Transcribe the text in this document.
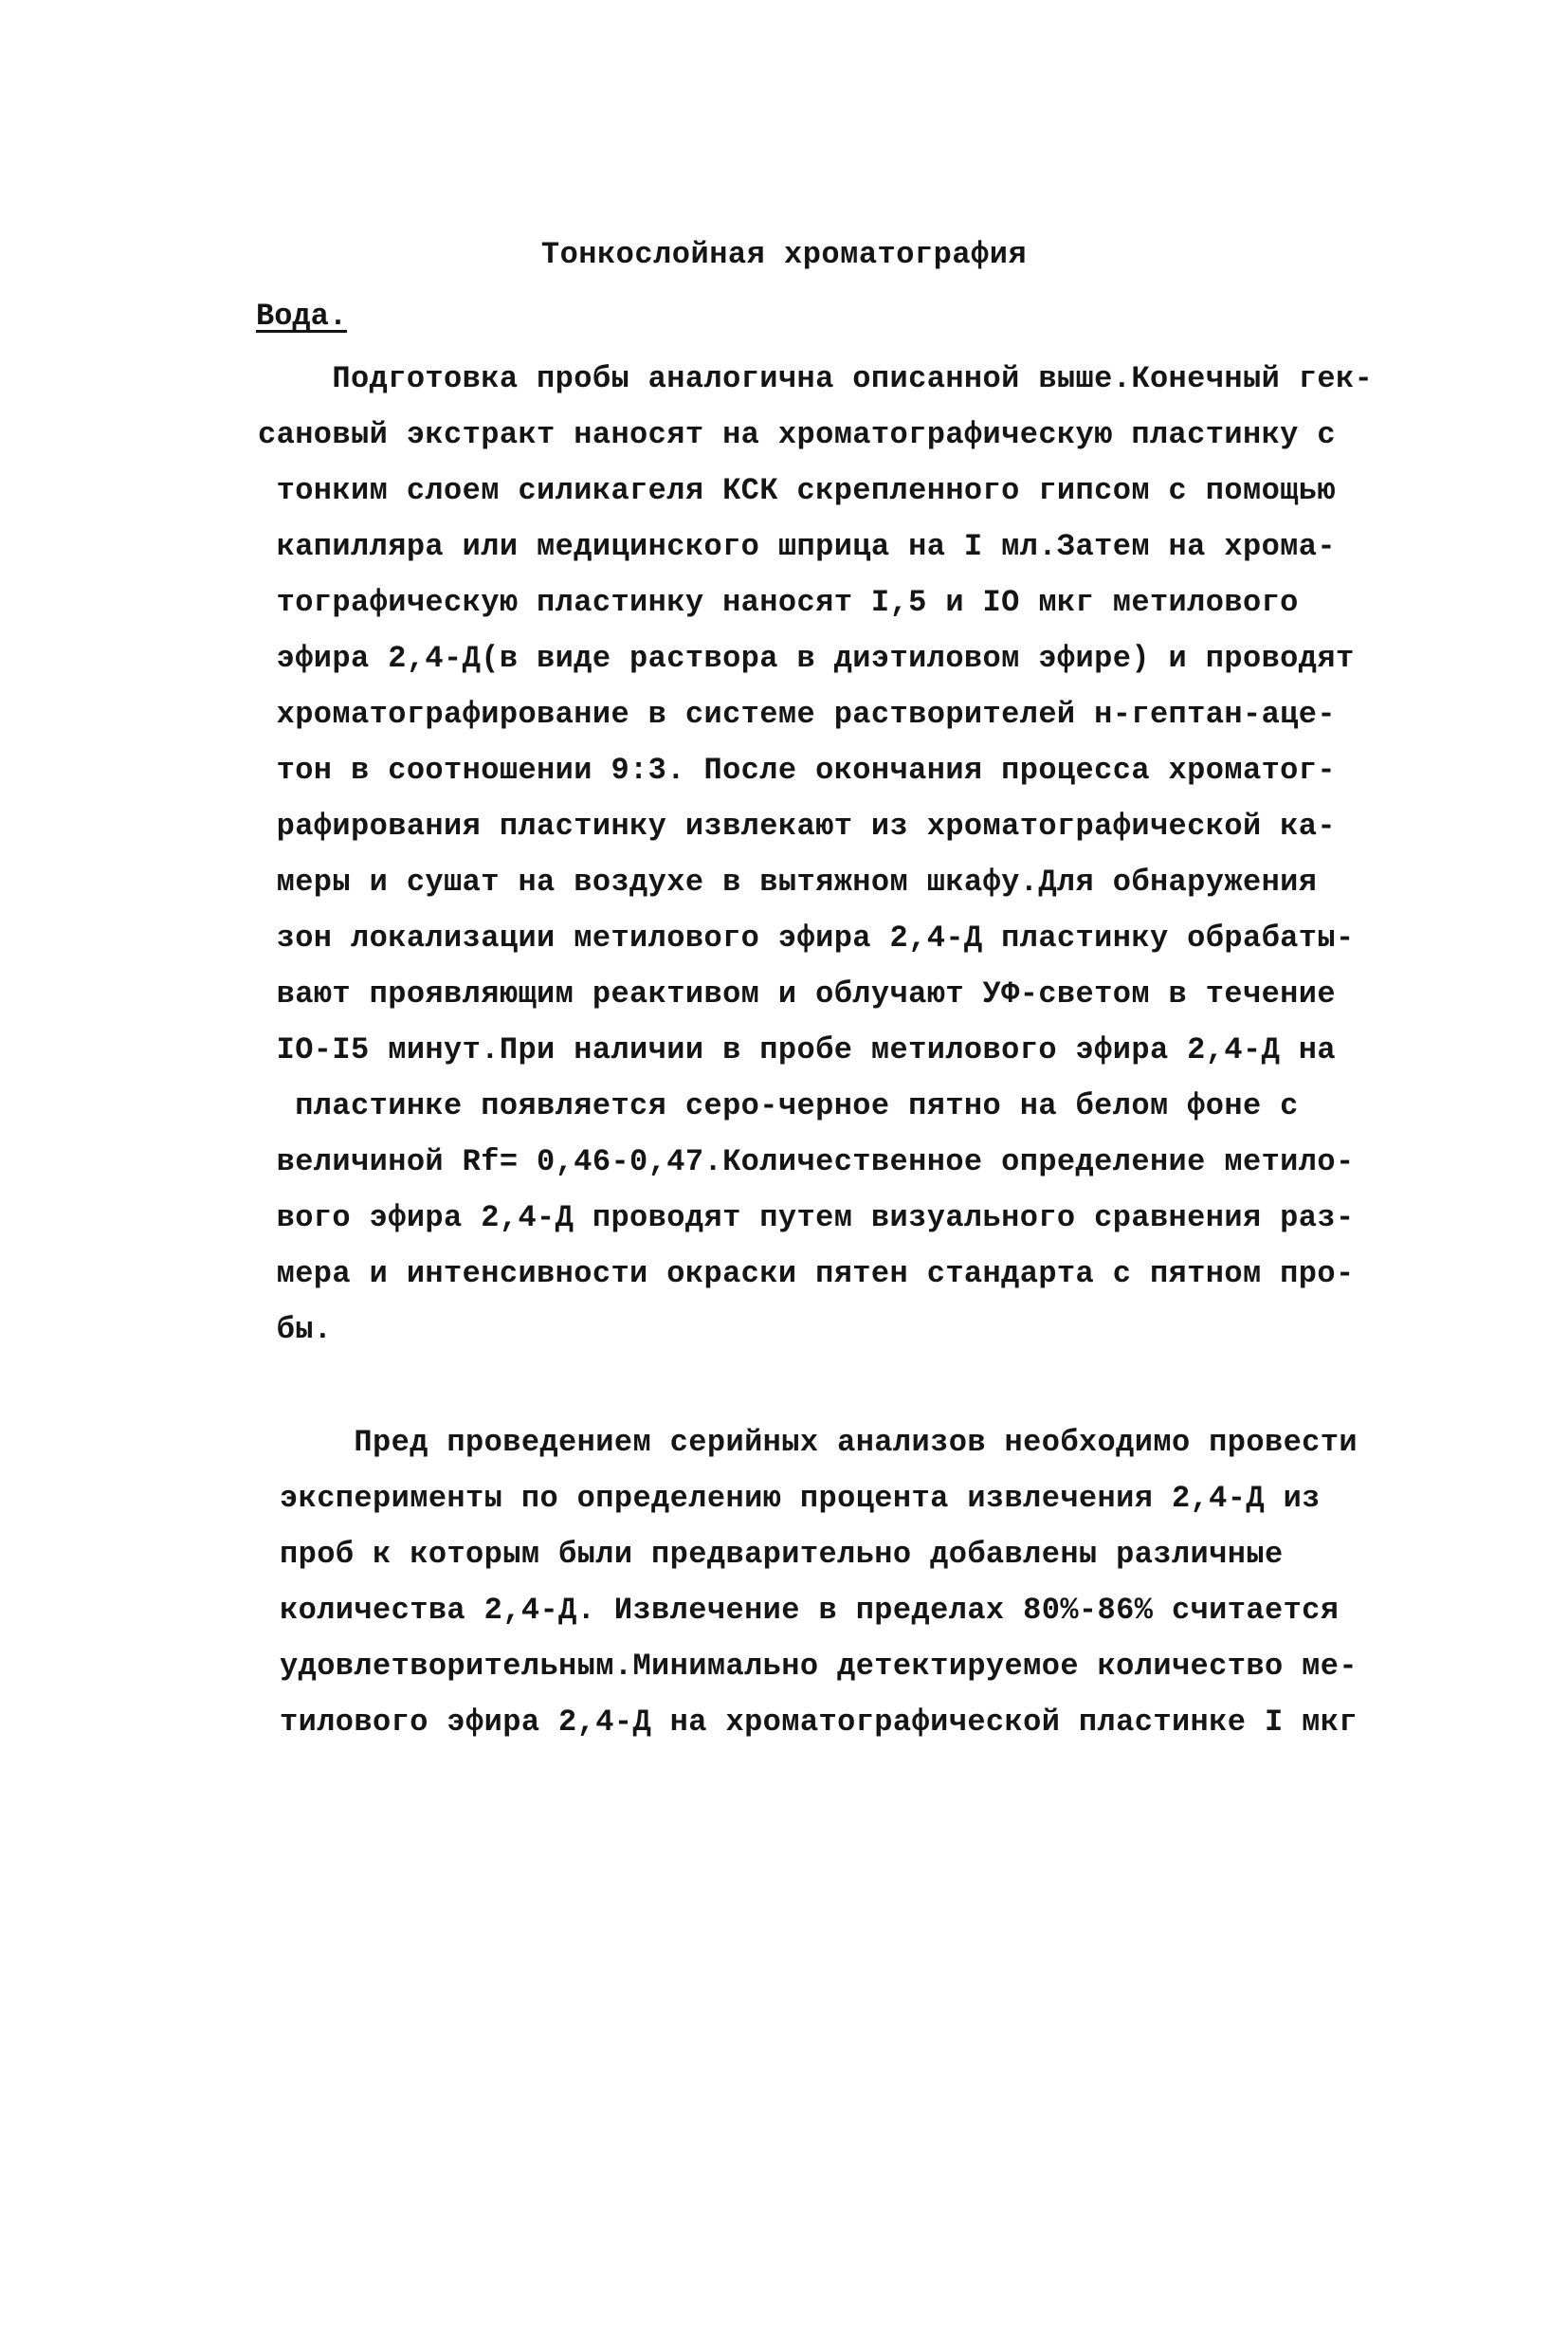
Тонкослойная хроматография
Вода.
Подготовка пробы аналогична описанной выше.Конечный гек-
сановый экстракт наносят на хроматографическую пластинку с
тонким слоем силикагеля КСК скрепленного гипсом с помощью
капилляра или медицинского шприца на I мл.Затем на хрома-
тографическую пластинку наносят I,5 и IO мкг метилового
эфира 2,4-Д(в виде раствора в диэтиловом эфире) и проводят
хроматографирование в системе растворителей н-гептан-аце-
тон в соотношении 9:3. После окончания процесса хроматог-
рафирования пластинку извлекают из хроматографической ка-
меры и сушат на воздухе в вытяжном шкафу.Для обнаружения
зон локализации метилового эфира 2,4-Д пластинку обрабаты-
вают проявляющим реактивом и облучают УФ-светом в течение
IO-I5 минут.При наличии в пробе метилового эфира 2,4-Д на
пластинке появляется серо-черное пятно на белом фоне с
величиной Rf= 0,46-0,47.Количественное определение метило-
вого эфира 2,4-Д проводят путем визуального сравнения раз-
мера и интенсивности окраски пятен стандарта с пятном про-
бы.
Пред проведением серийных анализов необходимо провести
эксперименты по определению процента извлечения 2,4-Д из
проб к которым были предварительно добавлены различные
количества 2,4-Д. Извлечение в пределах 80%-86% считается
удовлетворительным.Минимально детектируемое количество ме-
тилового эфира 2,4-Д на хроматографической пластинке I мкг
